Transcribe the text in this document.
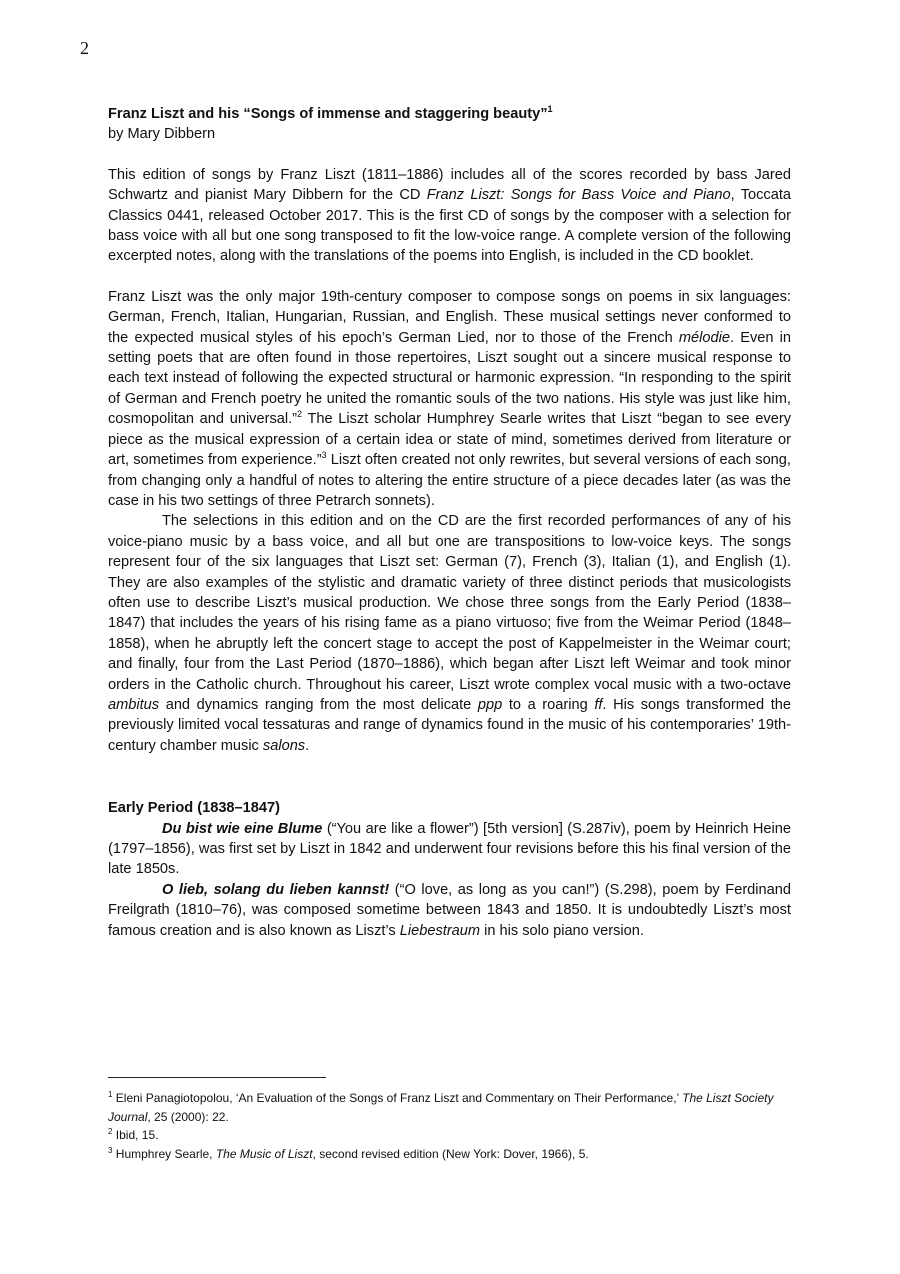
2

Franz Liszt and his “Songs of immense and staggering beauty”$^1$

by Mary Dibbern

This edition of songs by Franz Liszt (1811–1886) includes all of the scores recorded by bass Jared Schwartz and pianist Mary Dibbern for the CD Franz Liszt: Songs for Bass Voice and Piano, Toccata Classics 0441, released October 2017. This is the first CD of songs by the composer with a selection for bass voice with all but one song transposed to fit the low-voice range. A complete version of the following excerpted notes, along with the translations of the poems into English, is included in the CD booklet.

Franz Liszt was the only major 19th-century composer to compose songs on poems in six languages: German, French, Italian, Hungarian, Russian, and English. These musical settings never conformed to the expected musical styles of his epoch’s German Lied, nor to those of the French mélodie. Even in setting poets that are often found in those repertoires, Liszt sought out a sincere musical response to each text instead of following the expected structural or harmonic expression. “In responding to the spirit of German and French poetry he united the romantic souls of the two nations. His style was just like him, cosmopolitan and universal.”$^2$ The Liszt scholar Humphrey Searle writes that Liszt “began to see every piece as the musical expression of a certain idea or state of mind, sometimes derived from literature or art, sometimes from experience.”$^3$ Liszt often created not only rewrites, but several versions of each song, from changing only a handful of notes to altering the entire structure of a piece decades later (as was the case in his two settings of three Petrarch sonnets).

The selections in this edition and on the CD are the first recorded performances of any of his voice-piano music by a bass voice, and all but one are transpositions to low-voice keys. The songs represent four of the six languages that Liszt set: German (7), French (3), Italian (1), and English (1). They are also examples of the stylistic and dramatic variety of three distinct periods that musicologists often use to describe Liszt’s musical production. We chose three songs from the Early Period (1838–1847) that includes the years of his rising fame as a piano virtuoso; five from the Weimar Period (1848–1858), when he abruptly left the concert stage to accept the post of Kappelmeister in the Weimar court; and finally, four from the Last Period (1870–1886), which began after Liszt left Weimar and took minor orders in the Catholic church. Throughout his career, Liszt wrote complex vocal music with a two-octave ambitus and dynamics ranging from the most delicate ppp to a roaring ff. His songs transformed the previously limited vocal tessaturas and range of dynamics found in the music of his contemporaries’ 19th-century chamber music salons.

Early Period (1838–1847)

Du bist wie eine Blume (“You are like a flower”) [5th version] (S.287iv), poem by Heinrich Heine (1797–1856), was first set by Liszt in 1842 and underwent four revisions before this his final version of the late 1850s.

O lieb, solang du lieben kannst! (“O love, as long as you can!”) (S.298), poem by Ferdinand Freilgrath (1810–76), was composed sometime between 1843 and 1850. It is undoubtedly Liszt’s most famous creation and is also known as Liszt’s Liebestraum in his solo piano version.

$^1$ Eleni Panagiotopolou, ‘An Evaluation of the Songs of Franz Liszt and Commentary on Their Performance,’ The Liszt Society Journal, 25 (2000): 22.

$^2$ Ibid, 15.

$^3$ Humphrey Searle, The Music of Liszt, second revised edition (New York: Dover, 1966), 5.
